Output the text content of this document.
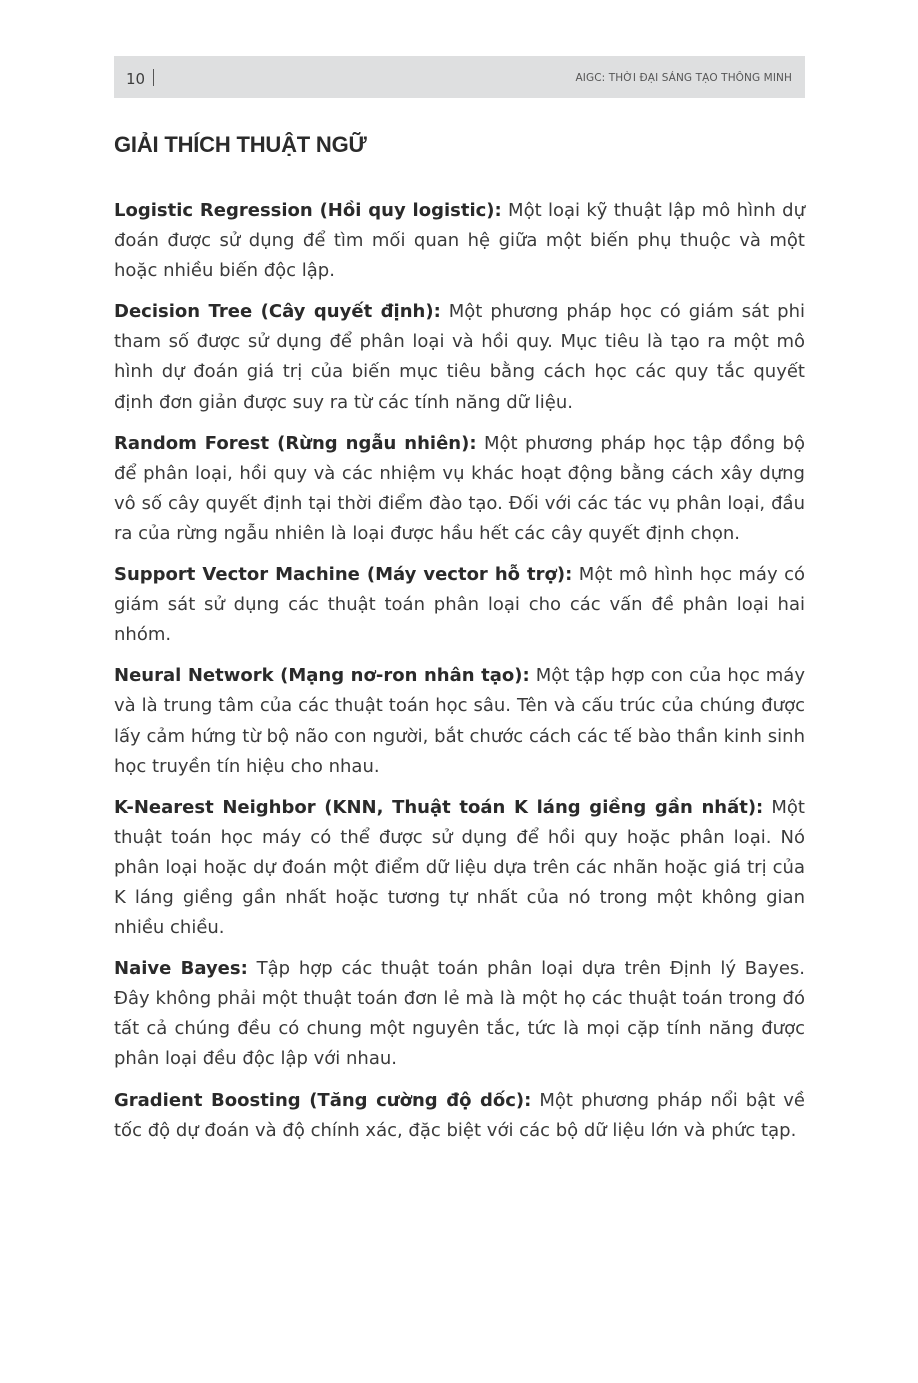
10	AIGC: THỜI ĐẠI SÁNG TẠO THÔNG MINH
GIẢI THÍCH THUẬT NGỮ

Logistic Regression (Hồi quy logistic): Một loại kỹ thuật lập mô hình dự đoán được sử dụng để tìm mối quan hệ giữa một biến phụ thuộc và một hoặc nhiều biến độc lập.

Decision Tree (Cây quyết định): Một phương pháp học có giám sát phi tham số được sử dụng để phân loại và hồi quy. Mục tiêu là tạo ra một mô hình dự đoán giá trị của biến mục tiêu bằng cách học các quy tắc quyết định đơn giản được suy ra từ các tính năng dữ liệu.

Random Forest (Rừng ngẫu nhiên): Một phương pháp học tập đồng bộ để phân loại, hồi quy và các nhiệm vụ khác hoạt động bằng cách xây dựng vô số cây quyết định tại thời điểm đào tạo. Đối với các tác vụ phân loại, đầu ra của rừng ngẫu nhiên là loại được hầu hết các cây quyết định chọn.

Support Vector Machine (Máy vector hỗ trợ): Một mô hình học máy có giám sát sử dụng các thuật toán phân loại cho các vấn đề phân loại hai nhóm.

Neural Network (Mạng nơ-ron nhân tạo): Một tập hợp con của học máy và là trung tâm của các thuật toán học sâu. Tên và cấu trúc của chúng được lấy cảm hứng từ bộ não con người, bắt chước cách các tế bào thần kinh sinh học truyền tín hiệu cho nhau.

K-Nearest Neighbor (KNN, Thuật toán K láng giềng gần nhất): Một thuật toán học máy có thể được sử dụng để hồi quy hoặc phân loại. Nó phân loại hoặc dự đoán một điểm dữ liệu dựa trên các nhãn hoặc giá trị của K láng giềng gần nhất hoặc tương tự nhất của nó trong một không gian nhiều chiều.

Naive Bayes: Tập hợp các thuật toán phân loại dựa trên Định lý Bayes. Đây không phải một thuật toán đơn lẻ mà là một họ các thuật toán trong đó tất cả chúng đều có chung một nguyên tắc, tức là mọi cặp tính năng được phân loại đều độc lập với nhau.

Gradient Boosting (Tăng cường độ dốc): Một phương pháp nổi bật về tốc độ dự đoán và độ chính xác, đặc biệt với các bộ dữ liệu lớn và phức tạp.
